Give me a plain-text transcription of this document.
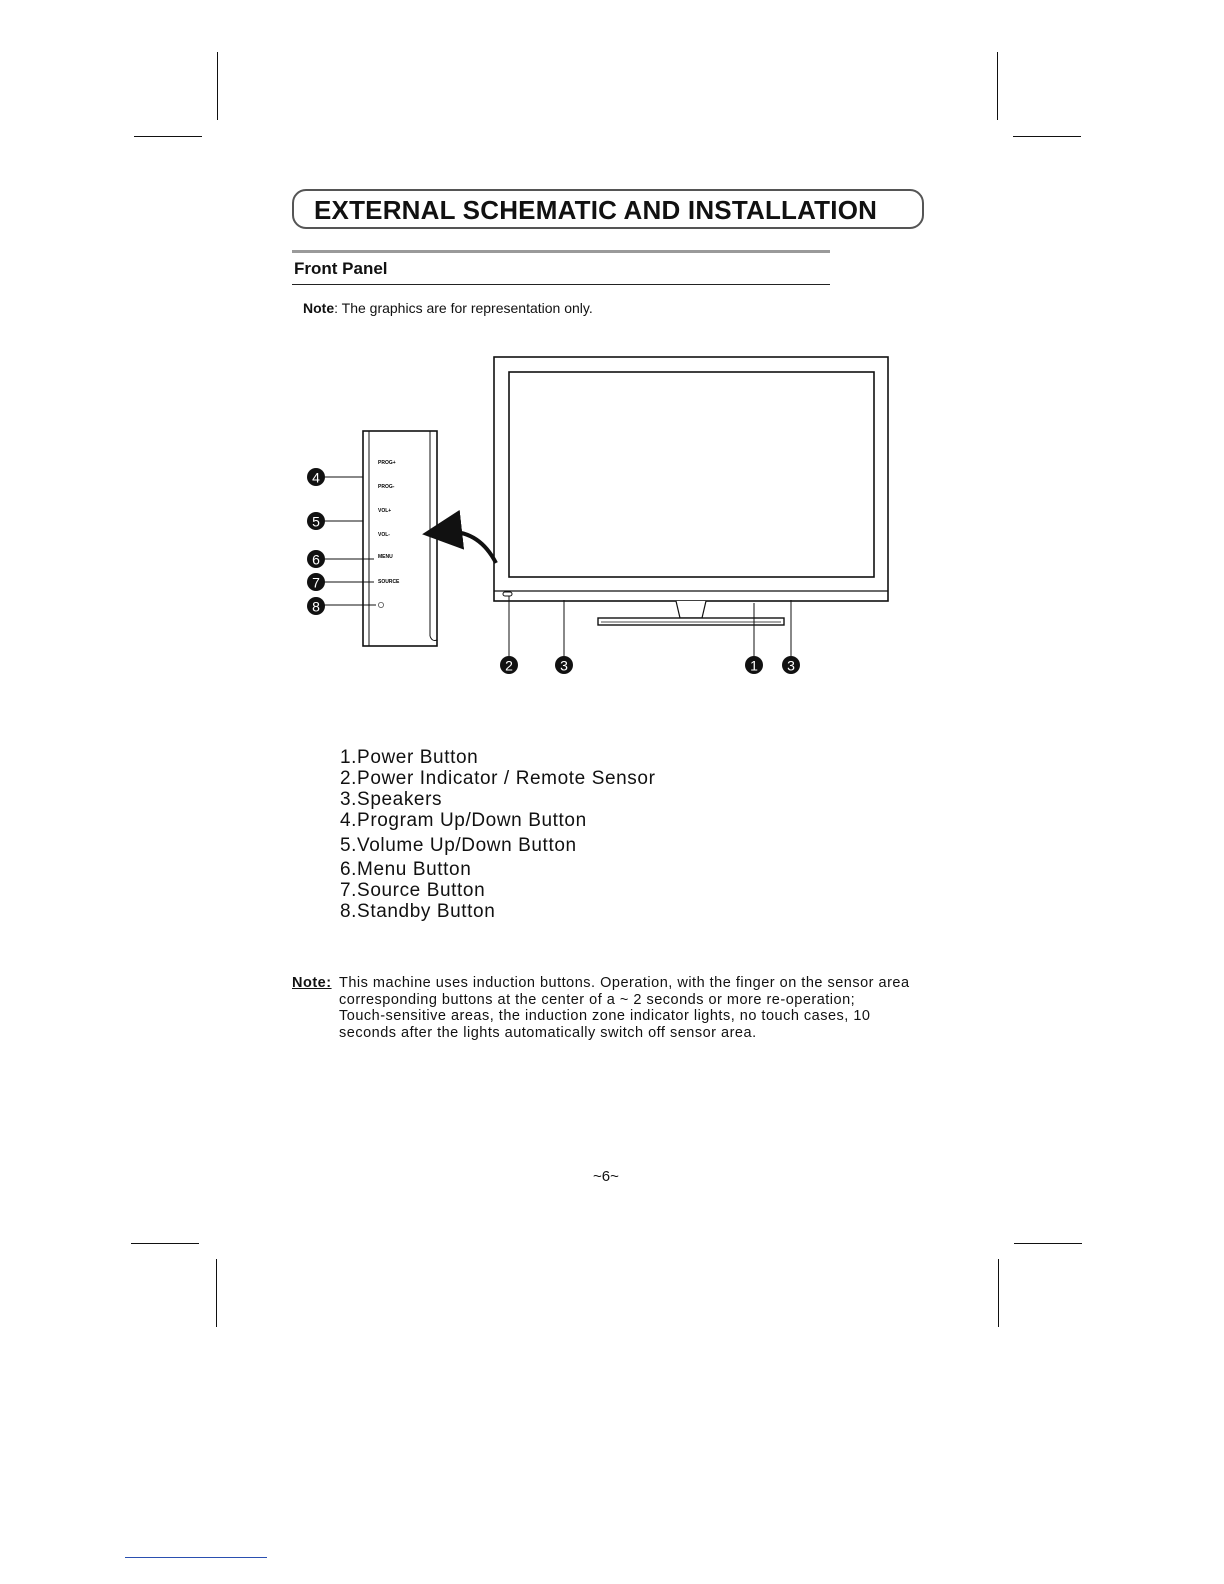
EXTERNAL SCHEMATIC AND INSTALLATION
Front Panel
Note: The graphics are for representation only.
PROG+
PROG-
VOL+
VOL-
MENU
SOURCE
4
5
6
7
8
2	3	1 3
1.Power Button
2.Power Indicator / Remote Sensor
3.Speakers
4.Program Up/Down Button
5.Volume Up/Down Button
6.Menu Button
7.Source Button
8.Standby Button
Note: This machine uses induction buttons. Operation, with the finger on the sensor area
corresponding buttons at the center of a ~ 2 seconds or more re-operation;
Touch-sensitive areas, the induction zone indicator lights, no touch cases, 10
seconds after the lights automatically switch off sensor area.
~6~
